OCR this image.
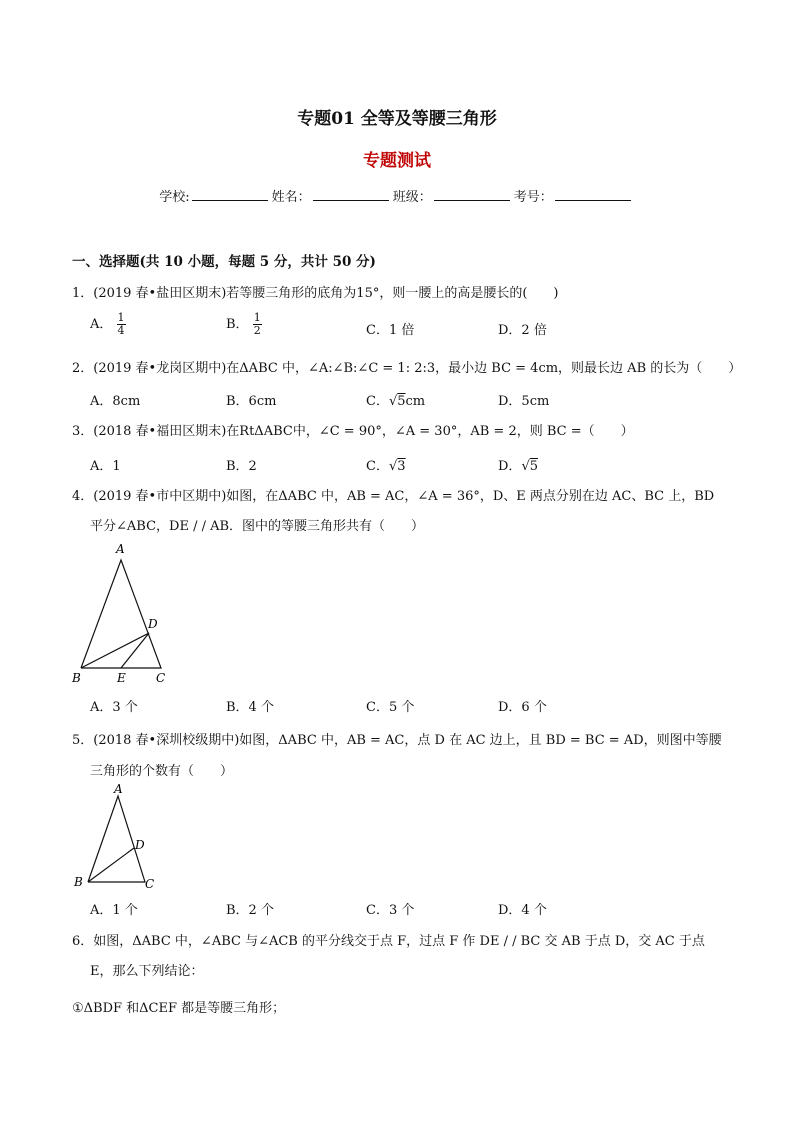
专题01 全等及等腰三角形
专题测试
学校:	姓名：	班级：	考号：
一、选择题(共 10 小题，每题 5 分，共计 50 分)
1．(2019 春•盐田区期末)若等腰三角形的底角为15°，则一腰上的高是腰长的(　　)
A． $\frac{1}{4}$	B． $\frac{1}{2}$	C．1 倍	D．2 倍
2．(2019 春•龙岗区期中)在ΔABC 中，∠A:∠B:∠C = 1: 2:3，最小边 BC = 4cm，则最长边 AB 的长为（　　）
A．8cm	B．6cm	C．√5cm	D．5cm
3．(2018 春•福田区期末)在RtΔABC中，∠C = 90°，∠A = 30°，AB = 2，则 BC =（　　）
A．1	B．2	C．√3	D．√5
4．(2019 春•市中区期中)如图，在ΔABC 中，AB = AC，∠A = 36°，D、E 两点分别在边 AC、BC 上，BD
平分∠ABC，DE / / AB．图中的等腰三角形共有（　　）
A
B	C
D
E
A．3 个	B．4 个	C．5 个	D．6 个
5．(2018 春•深圳校级期中)如图，ΔABC 中，AB = AC，点 D 在 AC 边上，且 BD = BC = AD，则图中等腰
三角形的个数有（　　）
A
B	C
D
A．1 个	B．2 个	C．3 个	D．4 个
6．如图，ΔABC 中，∠ABC 与∠ACB 的平分线交于点 F，过点 F 作 DE / / BC 交 AB 于点 D，交 AC 于点
E，那么下列结论：
①ΔBDF 和ΔCEF 都是等腰三角形；
